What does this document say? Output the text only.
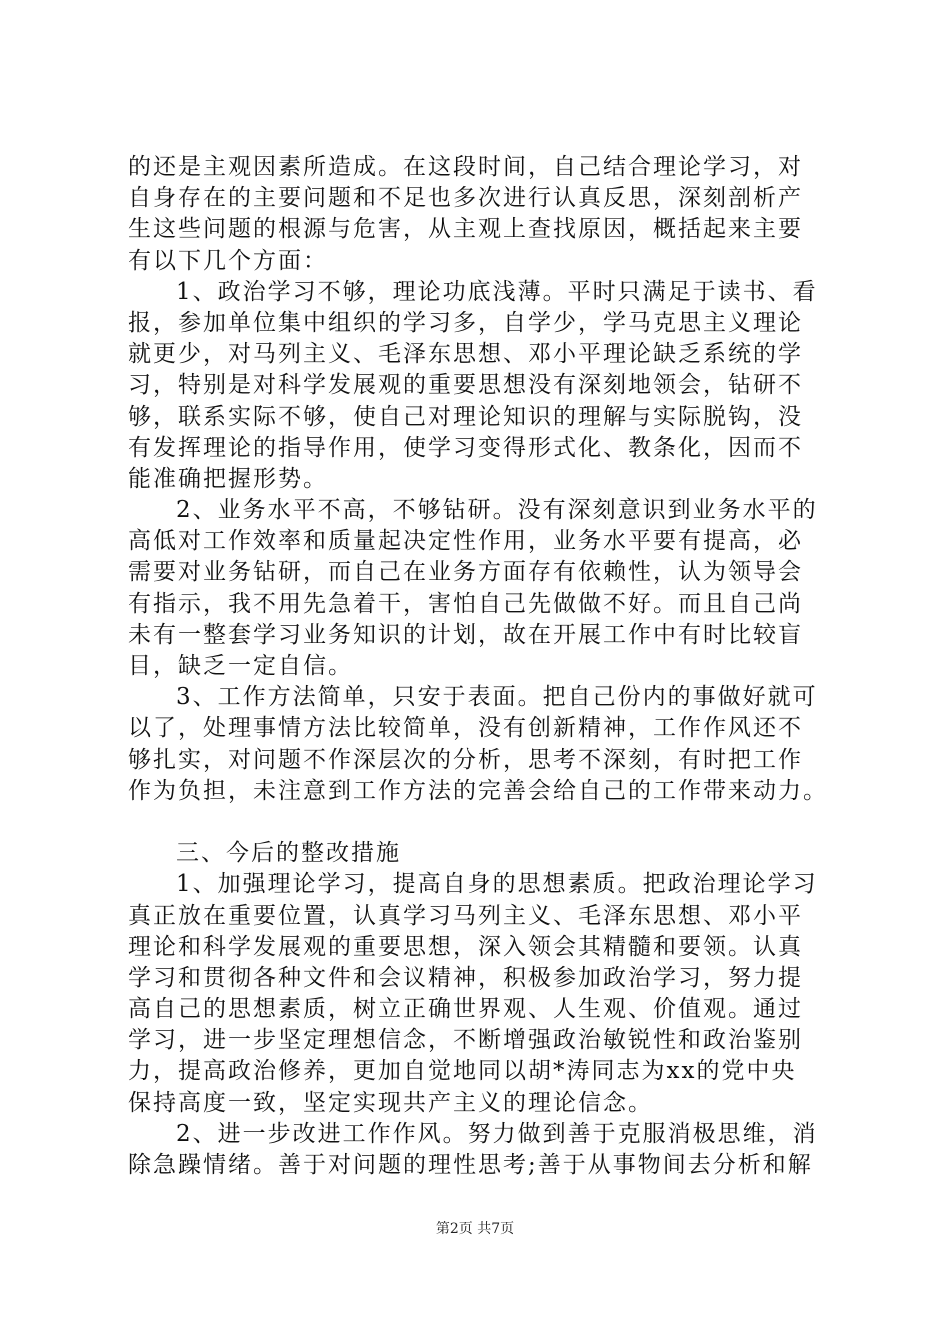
的还是主观因素所造成。在这段时间，自己结合理论学习，对
自身存在的主要问题和不足也多次进行认真反思，深刻剖析产
生这些问题的根源与危害，从主观上查找原因，概括起来主要
有以下几个方面：
1、政治学习不够，理论功底浅薄。平时只满足于读书、看
报，参加单位集中组织的学习多，自学少，学马克思主义理论
就更少，对马列主义、毛泽东思想、邓小平理论缺乏系统的学
习，特别是对科学发展观的重要思想没有深刻地领会，钻研不
够，联系实际不够，使自己对理论知识的理解与实际脱钩，没
有发挥理论的指导作用，使学习变得形式化、教条化，因而不
能准确把握形势。
2、业务水平不高，不够钻研。没有深刻意识到业务水平的
高低对工作效率和质量起决定性作用，业务水平要有提高，必
需要对业务钻研，而自己在业务方面存有依赖性，认为领导会
有指示，我不用先急着干，害怕自己先做做不好。而且自己尚
未有一整套学习业务知识的计划，故在开展工作中有时比较盲
目，缺乏一定自信。
3、工作方法简单，只安于表面。把自己份内的事做好就可
以了，处理事情方法比较简单，没有创新精神，工作作风还不
够扎实，对问题不作深层次的分析，思考不深刻，有时把工作
作为负担，未注意到工作方法的完善会给自己的工作带来动力。
三、今后的整改措施
1、加强理论学习，提高自身的思想素质。把政治理论学习
真正放在重要位置，认真学习马列主义、毛泽东思想、邓小平
理论和科学发展观的重要思想，深入领会其精髓和要领。认真
学习和贯彻各种文件和会议精神，积极参加政治学习，努力提
高自己的思想素质，树立正确世界观、人生观、价值观。通过
学习，进一步坚定理想信念，不断增强政治敏锐性和政治鉴别
力，提高政治修养，更加自觉地同以胡*涛同志为xx的党中央
保持高度一致，坚定实现共产主义的理论信念。
2、进一步改进工作作风。努力做到善于克服消极思维，消
除急躁情绪。善于对问题的理性思考;善于从事物间去分析和解
第2页 共7页
